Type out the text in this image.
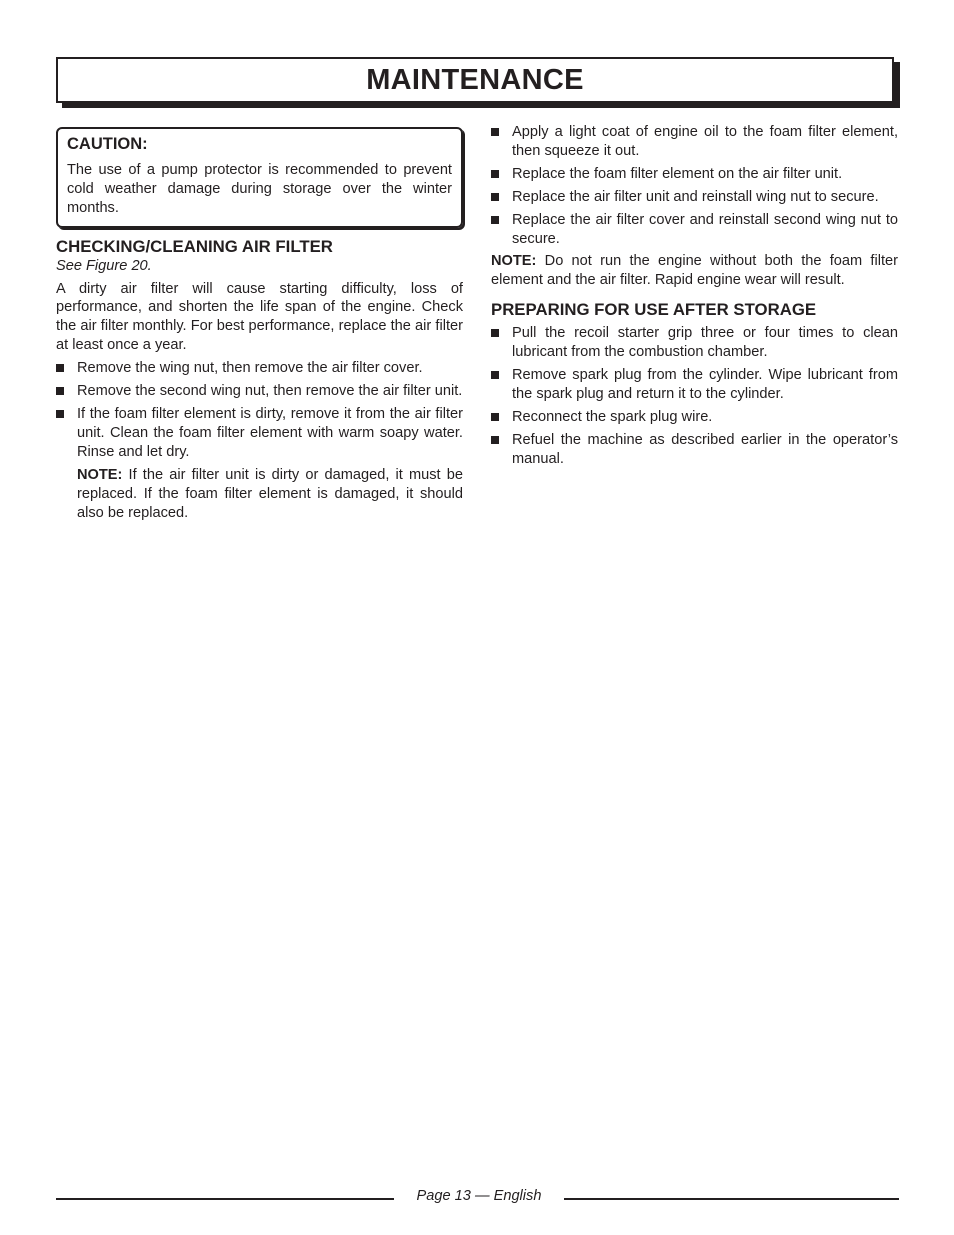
MAINTENANCE
CAUTION:

The use of a pump protector is recommended to prevent cold weather damage during storage over the winter months.

CHECKING/CLEANING AIR FILTER

See Figure 20.

A dirty air filter will cause starting difficulty, loss of performance, and shorten the life span of the engine. Check the air filter monthly. For best performance, replace the air filter at least once a year.

Remove the wing nut, then remove the air filter cover.
Remove the second wing nut, then remove the air filter unit.
If the foam filter element is dirty, remove it from the air filter unit. Clean the foam filter element with warm soapy water. Rinse and let dry.

NOTE: If the air filter unit is dirty or damaged, it must be replaced. If the foam filter element is damaged, it should also be replaced.

Apply a light coat of engine oil to the foam filter element, then squeeze it out.
Replace the foam filter element on the air filter unit.
Replace the air filter unit and reinstall wing nut to secure.
Replace the air filter cover and reinstall second wing nut to secure.

NOTE: Do not run the engine without both the foam filter element and the air filter. Rapid engine wear will result.

PREPARING FOR USE AFTER STORAGE
Pull the recoil starter grip three or four times to clean lubricant from the combustion chamber.
Remove spark plug from the cylinder. Wipe lubricant from the spark plug and return it to the cylinder.
Reconnect the spark plug wire.
Refuel the machine as described earlier in the operator’s manual.
Page 13 — English
